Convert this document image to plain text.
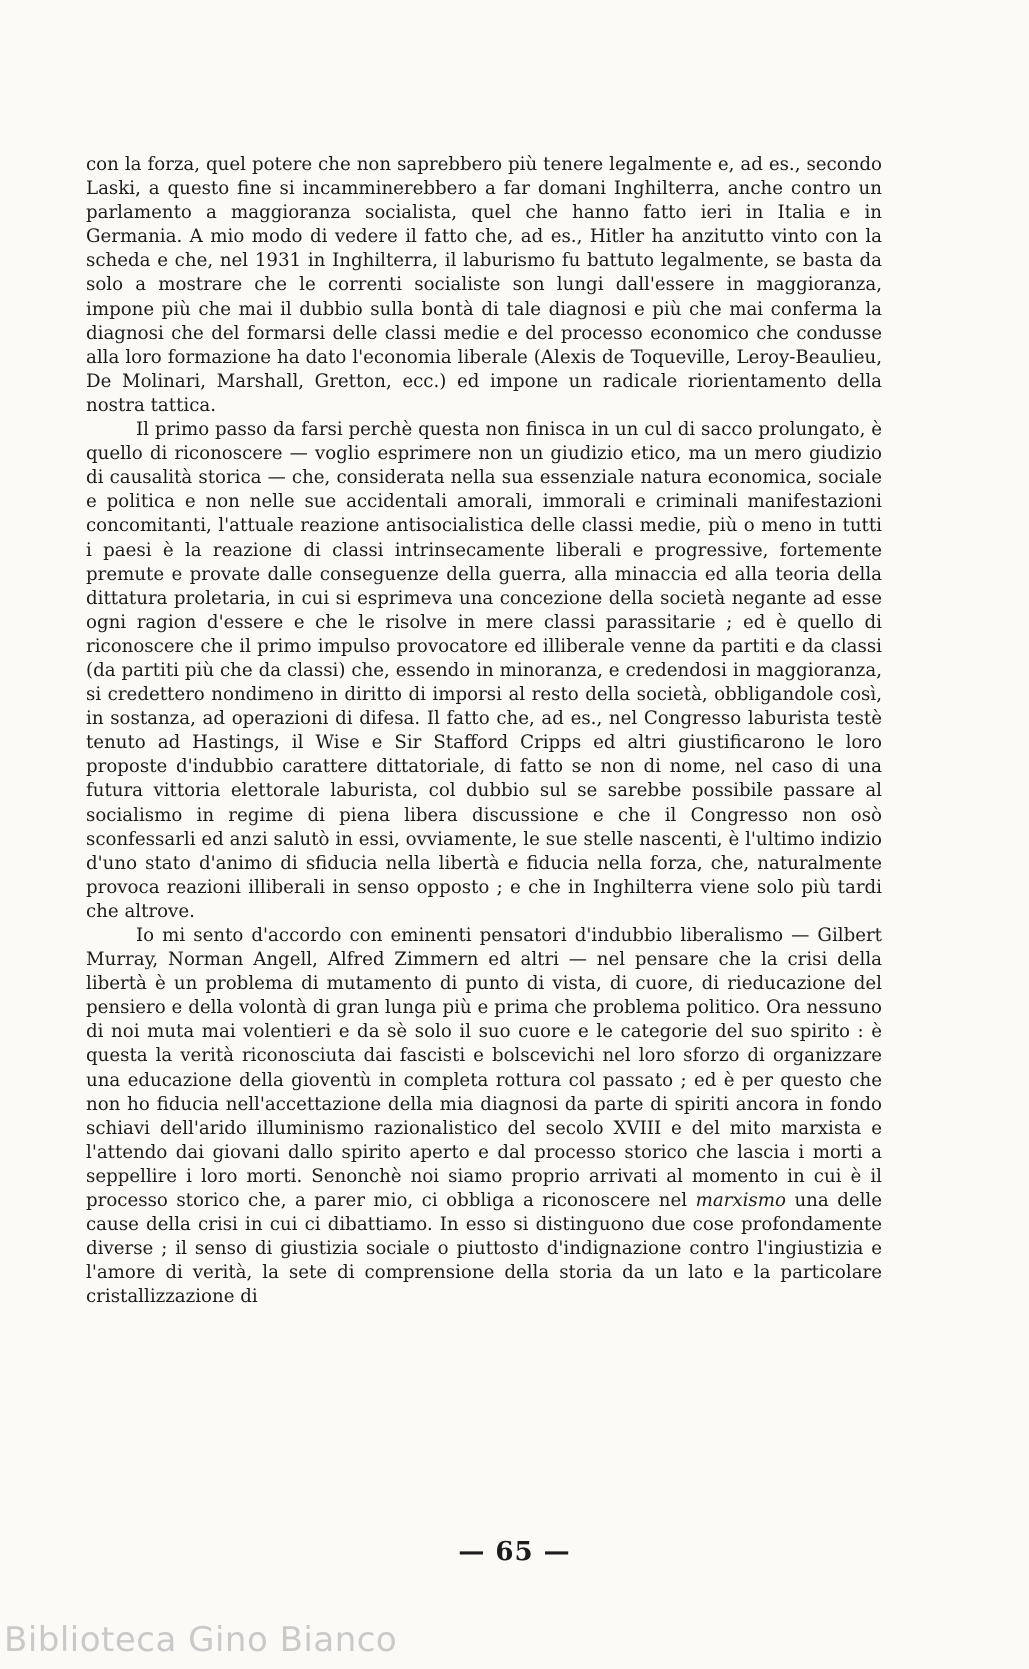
con la forza, quel potere che non saprebbero più tenere legalmente e, ad es., secondo Laski, a questo fine si incamminerebbero a far domani Inghilterra, anche contro un parlamento a maggioranza socialista, quel che hanno fatto ieri in Italia e in Germania. A mio modo di vedere il fatto che, ad es., Hitler ha anzitutto vinto con la scheda e che, nel 1931 in Inghilterra, il laburismo fu battuto legalmente, se basta da solo a mostrare che le correnti socialiste son lungi dall'essere in maggioranza, impone più che mai il dubbio sulla bontà di tale diagnosi e più che mai conferma la diagnosi che del formarsi delle classi medie e del processo economico che condusse alla loro formazione ha dato l'economia liberale (Alexis de Toqueville, Leroy-Beaulieu, De Molinari, Marshall, Gretton, ecc.) ed impone un radicale riorientamento della nostra tattica.

Il primo passo da farsi perchè questa non finisca in un cul di sacco prolungato, è quello di riconoscere — voglio esprimere non un giudizio etico, ma un mero giudizio di causalità storica — che, considerata nella sua essenziale natura economica, sociale e politica e non nelle sue accidentali amorali, immorali e criminali manifestazioni concomitanti, l'attuale reazione antisocialistica delle classi medie, più o meno in tutti i paesi è la reazione di classi intrinsecamente liberali e progressive, fortemente premute e provate dalle conseguenze della guerra, alla minaccia ed alla teoria della dittatura proletaria, in cui si esprimeva una concezione della società negante ad esse ogni ragion d'essere e che le risolve in mere classi parassitarie ; ed è quello di riconoscere che il primo impulso provocatore ed illiberale venne da partiti e da classi (da partiti più che da classi) che, essendo in minoranza, e credendosi in maggioranza, si credettero nondimeno in diritto di imporsi al resto della società, obbligandole così, in sostanza, ad operazioni di difesa. Il fatto che, ad es., nel Congresso laburista testè tenuto ad Hastings, il Wise e Sir Stafford Cripps ed altri giustificarono le loro proposte d'indubbio carattere dittatoriale, di fatto se non di nome, nel caso di una futura vittoria elettorale laburista, col dubbio sul se sarebbe possibile passare al socialismo in regime di piena libera discussione e che il Congresso non osò sconfessarli ed anzi salutò in essi, ovviamente, le sue stelle nascenti, è l'ultimo indizio d'uno stato d'animo di sfiducia nella libertà e fiducia nella forza, che, naturalmente provoca reazioni illiberali in senso opposto ; e che in Inghilterra viene solo più tardi che altrove.

Io mi sento d'accordo con eminenti pensatori d'indubbio liberalismo — Gilbert Murray, Norman Angell, Alfred Zimmern ed altri — nel pensare che la crisi della libertà è un problema di mutamento di punto di vista, di cuore, di rieducazione del pensiero e della volontà di gran lunga più e prima che problema politico. Ora nessuno di noi muta mai volentieri e da sè solo il suo cuore e le categorie del suo spirito : è questa la verità riconosciuta dai fascisti e bolscevichi nel loro sforzo di organizzare una educazione della gioventù in completa rottura col passato ; ed è per questo che non ho fiducia nell'accettazione della mia diagnosi da parte di spiriti ancora in fondo schiavi dell'arido illuminismo razionalistico del secolo XVIII e del mito marxista e l'attendo dai giovani dallo spirito aperto e dal processo storico che lascia i morti a seppellire i loro morti. Senonchè noi siamo proprio arrivati al momento in cui è il processo storico che, a parer mio, ci obbliga a riconoscere nel marxismo una delle cause della crisi in cui ci dibattiamo. In esso si distinguono due cose profondamente diverse ; il senso di giustizia sociale o piuttosto d'indignazione contro l'ingiustizia e l'amore di verità, la sete di comprensione della storia da un lato e la particolare cristallizzazione di

— 65 —
Biblioteca Gino Bianco
